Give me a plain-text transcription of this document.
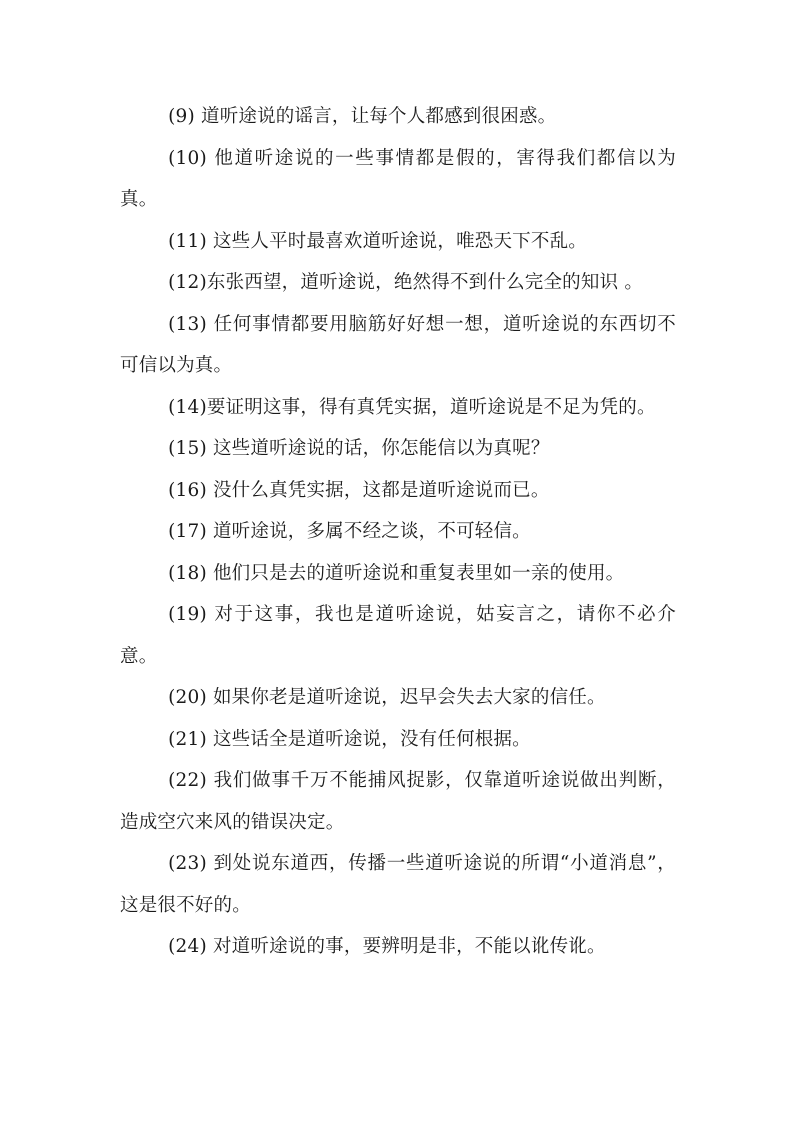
(9) 道听途说的谣言，让每个人都感到很困惑。

(10) 他道听途说的一些事情都是假的，害得我们都信以为真。

(11) 这些人平时最喜欢道听途说，唯恐天下不乱。

(12)东张西望，道听途说，绝然得不到什么完全的知识 。

(13) 任何事情都要用脑筋好好想一想，道听途说的东西切不可信以为真。

(14)要证明这事，得有真凭实据，道听途说是不足为凭的。

(15) 这些道听途说的话，你怎能信以为真呢？

(16) 没什么真凭实据，这都是道听途说而已。

(17) 道听途说，多属不经之谈，不可轻信。

(18) 他们只是去的道听途说和重复表里如一亲的使用。

(19) 对于这事，我也是道听途说，姑妄言之，请你不必介意。

(20) 如果你老是道听途说，迟早会失去大家的信任。

(21) 这些话全是道听途说，没有任何根据。

(22) 我们做事千万不能捕风捉影，仅靠道听途说做出判断，造成空穴来风的错误决定。

(23) 到处说东道西，传播一些道听途说的所谓“小道消息”，这是很不好的。

(24) 对道听途说的事，要辨明是非，不能以讹传讹。
